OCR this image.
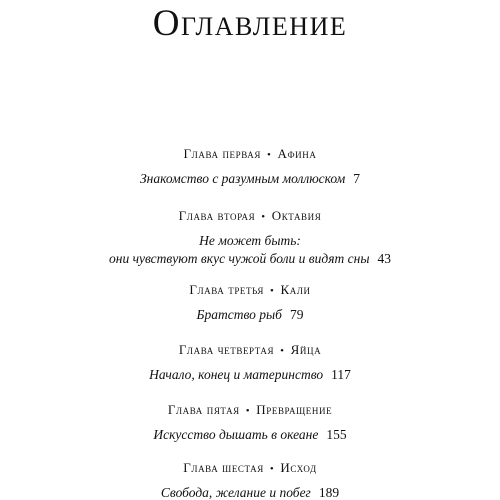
Оглавление
Глава первая • Афина
Знакомство с разумным моллюском 7
Глава вторая • Октавия
Не может быть:
они чувствуют вкус чужой боли и видят сны 43
Глава третья • Кали
Братство рыб 79
Глава четвертая • Яйца
Начало, конец и материнство 117
Глава пятая • Превращение
Искусство дышать в океане 155
Глава шестая • Исход
Свобода, желание и побег 189
